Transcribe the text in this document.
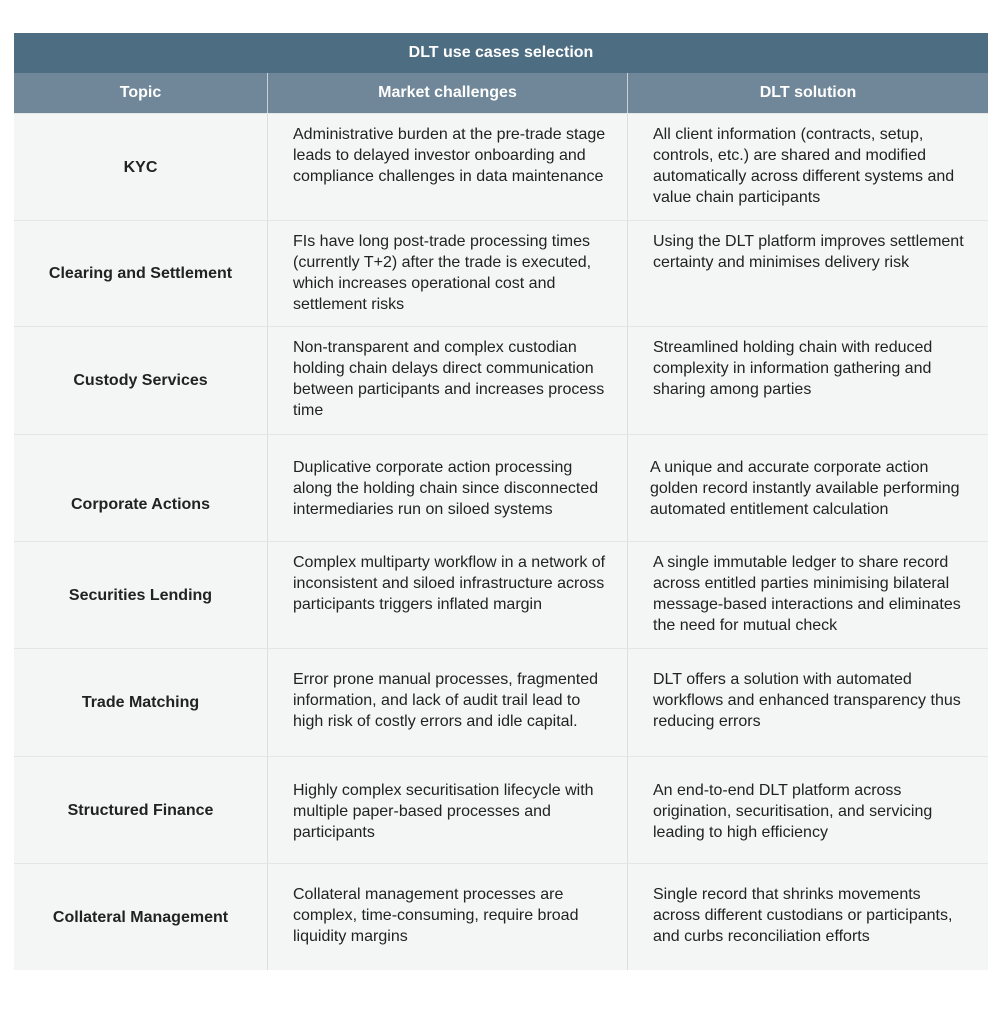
DLT use cases selection
Topic	Market challenges	DLT solution
KYC
Administrative burden at the pre-trade stage leads to delayed investor onboarding and compliance challenges in data maintenance
All client information (contracts, setup, controls, etc.) are shared and modified automatically across different systems and value chain participants
Clearing and Settlement
FIs have long post-trade processing times (currently T+2) after the trade is executed, which increases operational cost and settlement risks
Using the DLT platform improves settlement certainty and minimises delivery risk
Custody Services
Non-transparent and complex custodian holding chain delays direct communication between participants and increases process time
Streamlined holding chain with reduced complexity in information gathering and sharing among parties
Corporate Actions
Duplicative corporate action processing along the holding chain since disconnected intermediaries run on siloed systems
A unique and accurate corporate action golden record instantly available performing automated entitlement calculation
Securities Lending
Complex multiparty workflow in a network of inconsistent and siloed infrastructure across participants triggers inflated margin
A single immutable ledger to share record across entitled parties minimising bilateral message-based interactions and eliminates the need for mutual check
Trade Matching
Error prone manual processes, fragmented information, and lack of audit trail lead to high risk of costly errors and idle capital.
DLT offers a solution with automated workflows and enhanced transparency thus reducing errors
Structured Finance
Highly complex securitisation lifecycle with multiple paper-based processes and participants
An end-to-end DLT platform across origination, securitisation, and servicing leading to high efficiency
Collateral Management
Collateral management processes are complex, time-consuming, require broad liquidity margins
Single record that shrinks movements across different custodians or participants, and curbs reconciliation efforts
